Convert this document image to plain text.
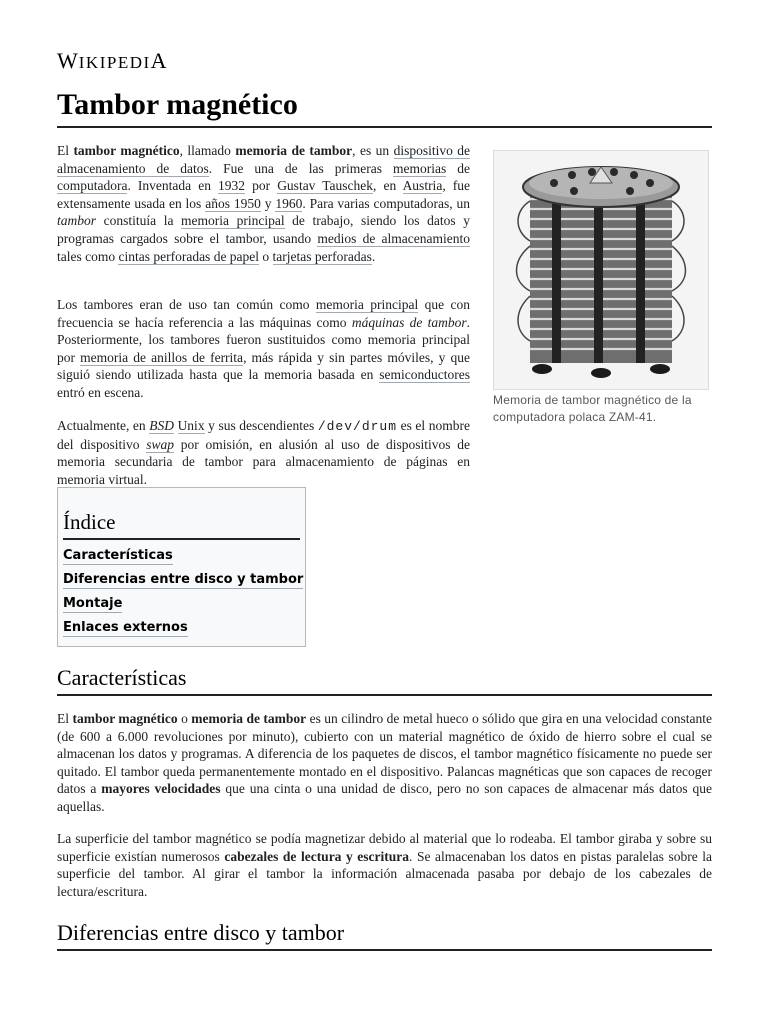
WIKIPEDIA
Tambor magnético
Memoria de tambor magnético de la computadora polaca ZAM-41.

El tambor magnético, llamado memoria de tambor, es un dispositivo de almacenamiento de datos. Fue una de las primeras memorias de computadora. Inventada en 1932 por Gustav Tauschek, en Austria, fue extensamente usada en los años 1950 y 1960. Para varias computadoras, un tambor constituía la memoria principal de trabajo, siendo los datos y programas cargados sobre el tambor, usando medios de almacenamiento tales como cintas perforadas de papel o tarjetas perforadas.

Los tambores eran de uso tan común como memoria principal que con frecuencia se hacía referencia a las máquinas como máquinas de tambor. Posteriormente, los tambores fueron sustituidos como memoria principal por memoria de anillos de ferrita, más rápida y sin partes móviles, y que siguió siendo utilizada hasta que la memoria basada en semiconductores entró en escena.

Actualmente, en BSD Unix y sus descendientes /dev/drum es el nombre del dispositivo swap por omisión, en alusión al uso de dispositivos de memoria secundaria de tambor para almacenamiento de páginas en memoria virtual.

Índice
Características
Diferencias entre disco y tambor
Montaje
Enlaces externos
Características

El tambor magnético o memoria de tambor es un cilindro de metal hueco o sólido que gira en una velocidad constante (de 600 a 6.000 revoluciones por minuto), cubierto con un material magnético de óxido de hierro sobre el cual se almacenan los datos y programas. A diferencia de los paquetes de discos, el tambor magnético físicamente no puede ser quitado. El tambor queda permanentemente montado en el dispositivo. Palancas magnéticas que son capaces de recoger datos a mayores velocidades que una cinta o una unidad de disco, pero no son capaces de almacenar más datos que aquellas.

La superficie del tambor magnético se podía magnetizar debido al material que lo rodeaba. El tambor giraba y sobre su superficie existían numerosos cabezales de lectura y escritura. Se almacenaban los datos en pistas paralelas sobre la superficie del tambor. Al girar el tambor la información almacenada pasaba por debajo de los cabezales de lectura/escritura.

Diferencias entre disco y tambor
